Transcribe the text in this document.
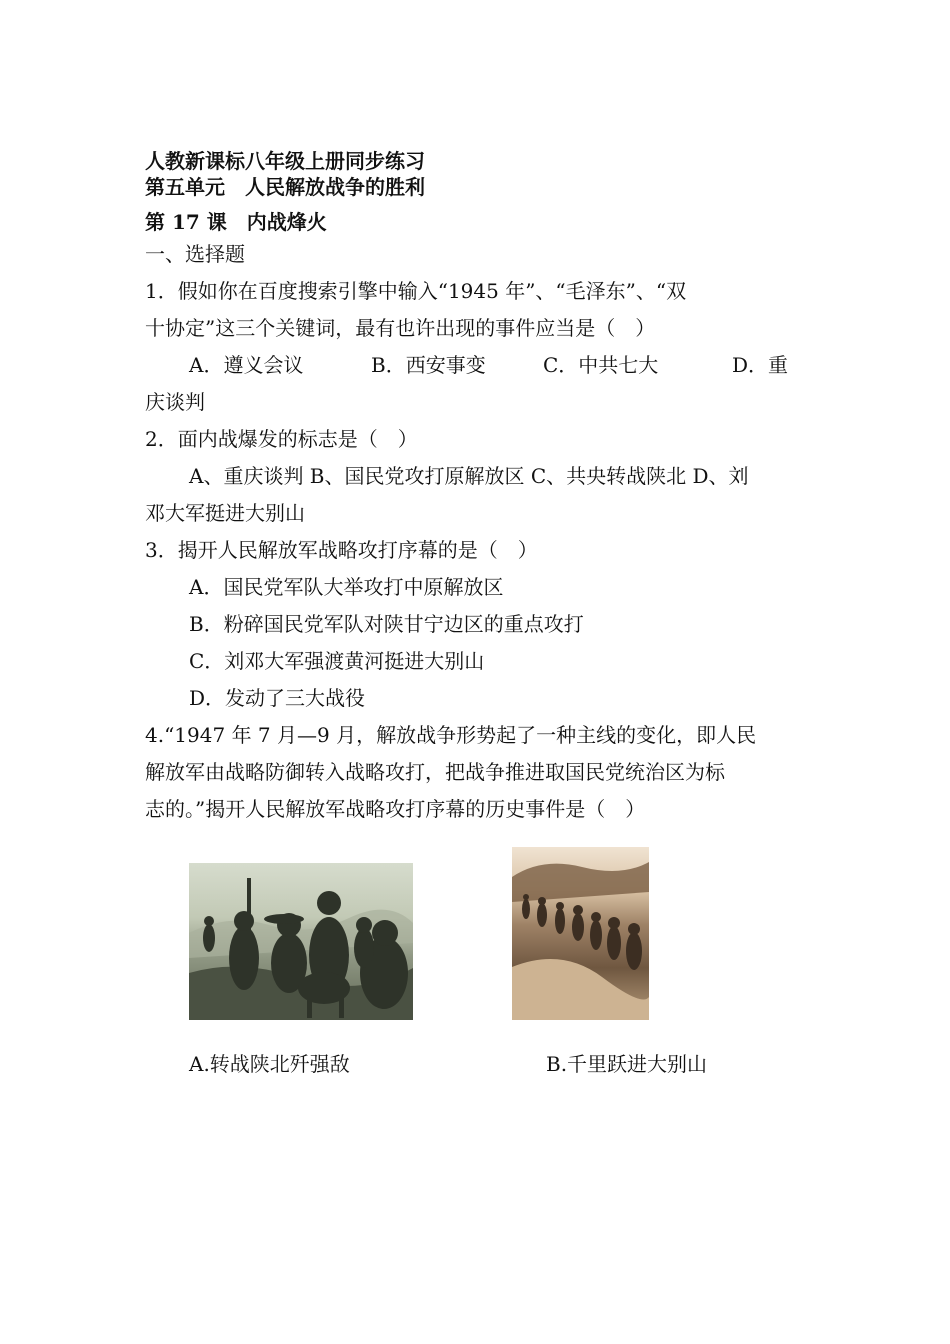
人教新课标八年级上册同步练习
第五单元　人民解放战争的胜利
第 17 课　内战烽火
一、选择题
1．假如你在百度搜索引擎中输入“1945 年”、“毛泽东”、“双
十协定”这三个关键词，最有也许出现的事件应当是（　）
A．遵义会议	B．西安事变	C．中共七大	D．重
庆谈判
2．面内战爆发的标志是（　）
A、重庆谈判 B、国民党攻打原解放区 C、共央转战陕北 D、刘
邓大军挺进大别山
3．揭开人民解放军战略攻打序幕的是（　）
A．国民党军队大举攻打中原解放区
B．粉碎国民党军队对陕甘宁边区的重点攻打
C．刘邓大军强渡黄河挺进大别山
D．发动了三大战役
4.“1947 年 7 月—9 月，解放战争形势起了一种主线的变化，即人民
解放军由战略防御转入战略攻打，把战争推进取国民党统治区为标
志的。”揭开人民解放军战略攻打序幕的历史事件是（　）
A.转战陕北歼强敌	B.千里跃进大别山
